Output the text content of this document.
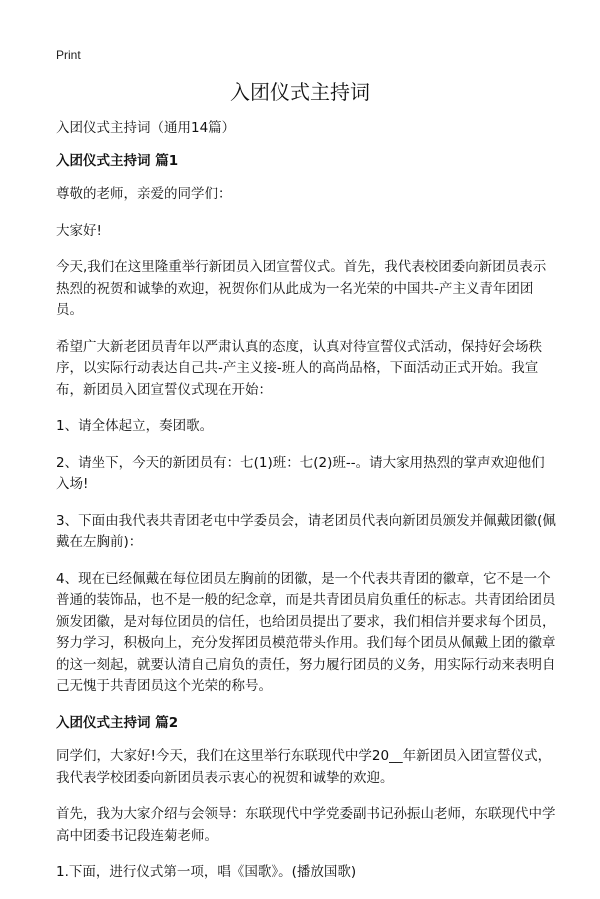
Print
入团仪式主持词

入团仪式主持词（通用14篇）

入团仪式主持词 篇1

尊敬的老师，亲爱的同学们：

大家好!

今天,我们在这里隆重举行新团员入团宣誓仪式。首先，我代表校团委向新团员表示热烈的祝贺和诚挚的欢迎，祝贺你们从此成为一名光荣的中国共-产主义青年团团员。

希望广大新老团员青年以严肃认真的态度，认真对待宣誓仪式活动，保持好会场秩序，以实际行动表达自己共-产主义接-班人的高尚品格，下面活动正式开始。我宣布，新团员入团宣誓仪式现在开始：

1、请全体起立，奏团歌。

2、请坐下，今天的新团员有：七(1)班：七(2)班--。请大家用热烈的掌声欢迎他们入场!

3、下面由我代表共青团老屯中学委员会，请老团员代表向新团员颁发并佩戴团徽(佩戴在左胸前)：

4、现在已经佩戴在每位团员左胸前的团徽，是一个代表共青团的徽章，它不是一个普通的装饰品，也不是一般的纪念章，而是共青团员肩负重任的标志。共青团给团员颁发团徽，是对每位团员的信任，也给团员提出了要求，我们相信并要求每个团员，努力学习，积极向上，充分发挥团员模范带头作用。我们每个团员从佩戴上团的徽章的这一刻起，就要认清自己肩负的责任，努力履行团员的义务，用实际行动来表明自己无愧于共青团员这个光荣的称号。

入团仪式主持词 篇2

同学们，大家好!今天，我们在这里举行东联现代中学20__年新团员入团宣誓仪式，我代表学校团委向新团员表示衷心的祝贺和诚挚的欢迎。

首先，我为大家介绍与会领导：东联现代中学党委副书记孙振山老师，东联现代中学高中团委书记段连菊老师。

1.下面，进行仪式第一项，唱《国歌》。(播放国歌)
